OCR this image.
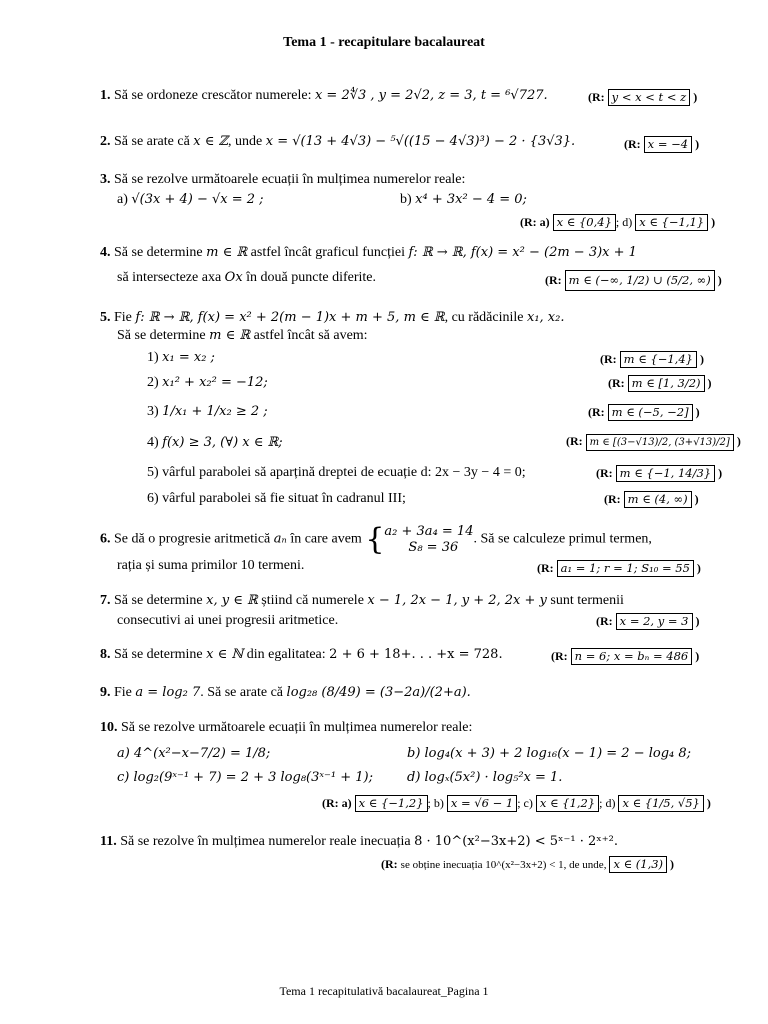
Tema 1 - recapitulare bacalaureat
1. Să se ordoneze crescător numerele: x = 2∜3 , y = 2√2, z = 3, t = ⁶√727.	(R: y < x < t < z )
2. Să se arate că x ∈ ℤ, unde x = √(13 + 4√3) − ⁵√((15 − 4√3)³) − 2 · {3√3}.	(R: x = −4 )
3. Să se rezolve următoarele ecuații în mulțimea numerelor reale:
a) √(3x + 4) − √x = 2 ;	b) x⁴ + 3x² − 4 = 0;
(R: a) x ∈ {0,4} ; d) x ∈ {−1,1} )
4. Să se determine m ∈ ℝ astfel încât graficul funcției f: ℝ → ℝ, f(x) = x² − (2m − 3)x + 1
să intersecteze axa Ox în două puncte diferite.	(R: m ∈ (−∞, 1/2) ∪ (5/2, ∞) )
5. Fie f: ℝ → ℝ, f(x) = x² + 2(m − 1)x + m + 5, m ∈ ℝ, cu rădăcinile x₁, x₂.
Să se determine m ∈ ℝ astfel încât să avem:
1) x₁ = x₂ ;	(R: m ∈ {−1,4} )
2) x₁² + x₂² = −12;	(R: m ∈ [1, 3/2) )
3) 1/x₁ + 1/x₂ ≥ 2 ;	(R: m ∈ (−5, −2] )
4) f(x) ≥ 3, (∀) x ∈ ℝ;	(R: m ∈ [(3−√13)/2, (3+√13)/2] )
5) vârful parabolei să aparțină dreptei de ecuație d: 2x − 3y − 4 = 0;	(R: m ∈ {−1, 14/3} )
6) vârful parabolei să fie situat în cadranul III;	(R: m ∈ (4, ∞) )
6. Se dă o progresie aritmetică aₙ în care avem {a₂ + 3a₄ = 14
S₈ = 36. Să se calculeze primul termen,
rația și suma primilor 10 termeni.	(R: a₁ = 1; r = 1; S₁₀ = 55 )
7. Să se determine x, y ∈ ℝ știind că numerele x − 1, 2x − 1, y + 2, 2x + y sunt termenii
consecutivi ai unei progresii aritmetice.	(R: x = 2, y = 3 )
8. Să se determine x ∈ ℕ din egalitatea: 2 + 6 + 18+. . . +x = 728.	(R: n = 6; x = bₙ = 486 )
9. Fie a = log₂ 7. Să se arate că log₂₈ (8/49) = (3−2a)/(2+a).
10. Să se rezolve următoarele ecuații în mulțimea numerelor reale:
a) 4^(x²−x−7/2) = 1/8;	b) log₄(x + 3) + 2 log₁₆(x − 1) = 2 − log₄ 8;
c) log₂(9ˣ⁻¹ + 7) = 2 + 3 log₈(3ˣ⁻¹ + 1);	d) logₓ(5x²) · log₅²x = 1.
(R: a) x ∈ {−1,2} ; b) x = √6 − 1 ; c) x ∈ {1,2} ; d) x ∈ {1/5, √5} )
11. Să se rezolve în mulțimea numerelor reale inecuația 8 · 10^(x²−3x+2) < 5ˣ⁻¹ · 2ˣ⁺².
(R: se obține inecuația 10^(x²−3x+2) < 1, de unde, x ∈ (1,3) )
Tema 1 recapitulativă bacalaureat_Pagina 1
